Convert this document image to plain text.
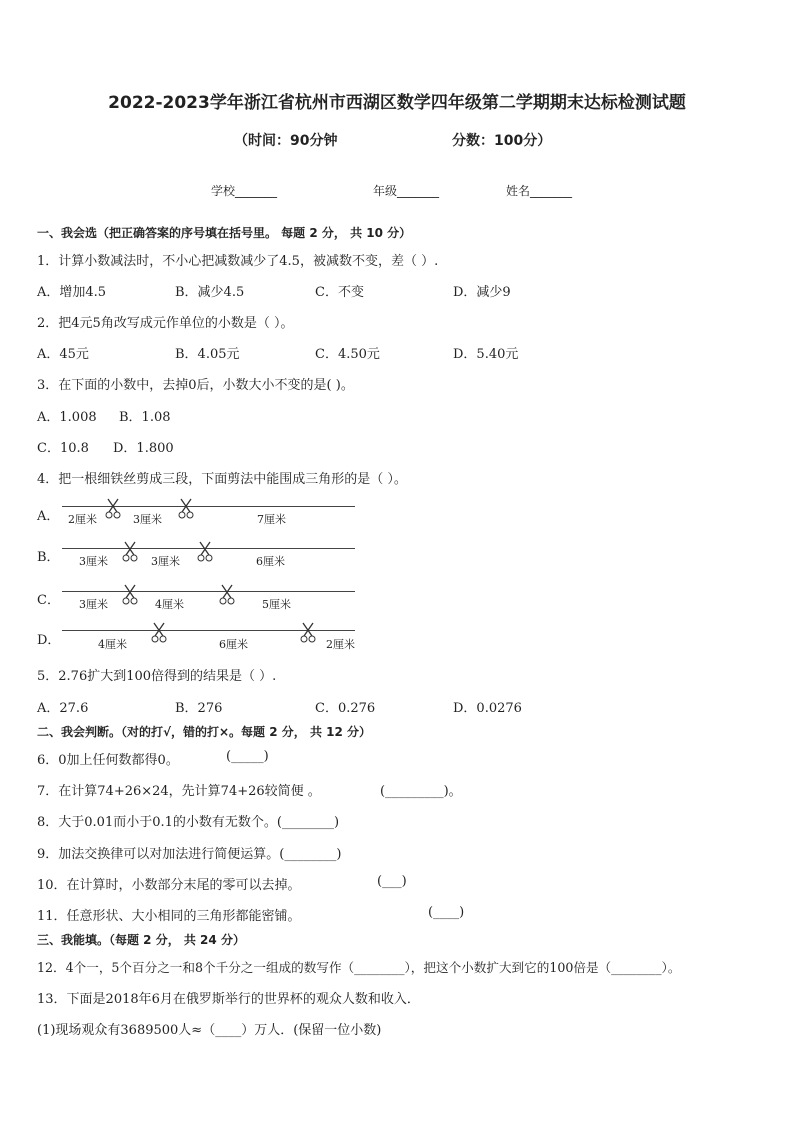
2022-2023学年浙江省杭州市西湖区数学四年级第二学期期末达标检测试题
（时间：90分钟	分数：100分）
学校_______	年级_______	姓名_______
一、我会选（把正确答案的序号填在括号里。 每题 2 分， 共 10 分）
1．计算小数减法时，不小心把减数减少了4.5，被减数不变，差（ ）.
A．增加4.5	B．减少4.5	C．不变	D．减少9
2．把4元5角改写成元作单位的小数是（ ）。
A．45元	B．4.05元	C．4.50元	D．5.40元
3．在下面的小数中，去掉0后，小数大小不变的是( )。
A．1.008 B．1.08
C．10.8 D．1.800
4．把一根细铁丝剪成三段，下面剪法中能围成三角形的是（ ）。
A． 2厘米	3厘米	7厘米
B． 3厘米	3厘米	6厘米
C． 3厘米	4厘米	5厘米
D．	4厘米	6厘米	2厘米
5．2.76扩大到100倍得到的结果是（ ）.
A．27.6	B．276	C．0.276	D．0.0276
二、我会判断。（对的打√，错的打×。每题 2 分， 共 12 分）
6．0加上任何数都得0。	(_____)
7．在计算74+26×24，先计算74+26较简便 。	(_________)。
8．大于0.01而小于0.1的小数有无数个。(________)
9．加法交换律可以对加法进行简便运算。(________)
10．在计算时，小数部分末尾的零可以去掉。	(___)
11．任意形状、大小相同的三角形都能密铺。	(____)
三、我能填。（每题 2 分， 共 24 分）
12．4个一，5个百分之一和8个千分之一组成的数写作（________），把这个小数扩大到它的100倍是（________）。
13．下面是2018年6月在俄罗斯举行的世界杯的观众人数和收入．
(1)现场观众有3689500人≈（____）万人．(保留一位小数)
